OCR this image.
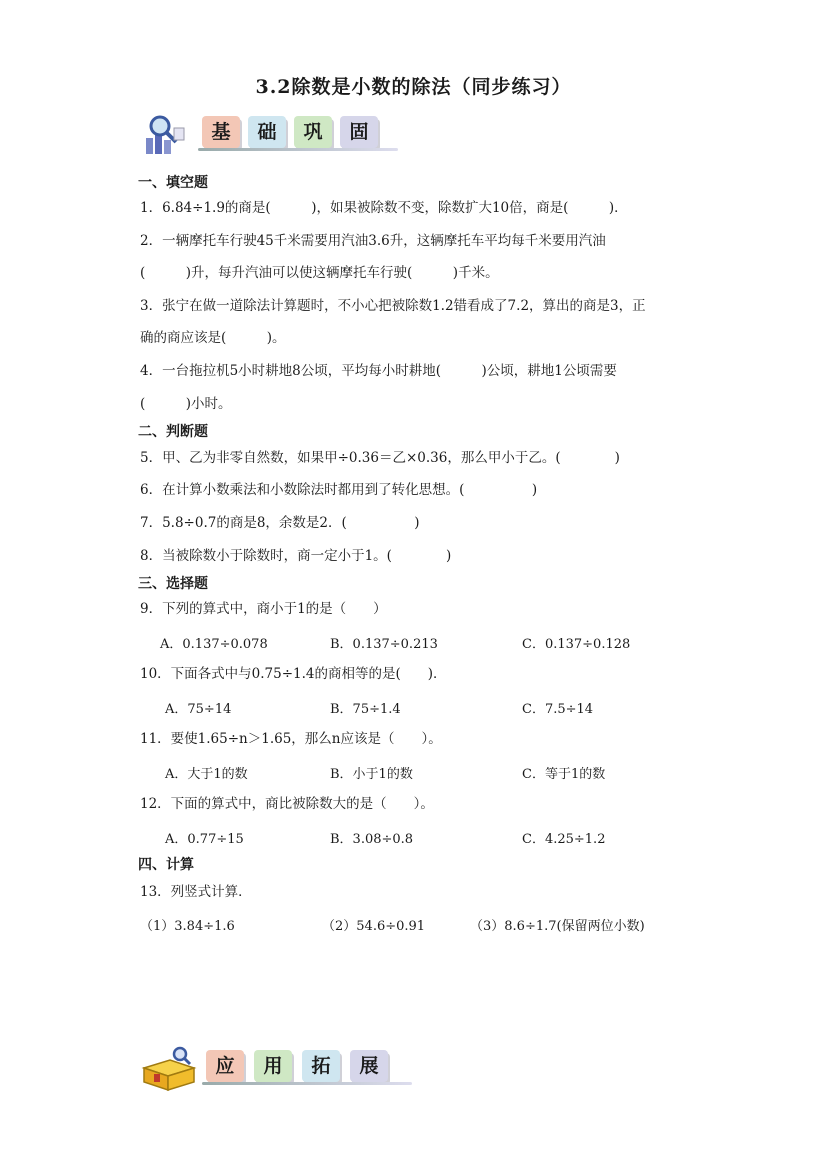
3.2除数是小数的除法（同步练习）
基	础	巩	固
一、填空题
1．6.84÷1.9的商是(　　　)，如果被除数不变，除数扩大10倍，商是(　　　)．
2．一辆摩托车行驶45千米需要用汽油3.6升，这辆摩托车平均每千米要用汽油
(　　　)升，每升汽油可以使这辆摩托车行驶(　　　)千米。
3．张宁在做一道除法计算题时，不小心把被除数1.2错看成了7.2，算出的商是3，正
确的商应该是(　　　)。
4．一台拖拉机5小时耕地8公顷，平均每小时耕地(　　　)公顷，耕地1公顷需要
(　　　)小时。
二、判断题
5．甲、乙为非零自然数，如果甲÷0.36＝乙×0.36，那么甲小于乙。(　　　　)
6．在计算小数乘法和小数除法时都用到了转化思想。(　　　　　)
7．5.8÷0.7的商是8，余数是2．(　　　　　)
8．当被除数小于除数时，商一定小于1。(　　　　)
三、选择题
9．下列的算式中，商小于1的是（　　）
A．0.137÷0.078	B．0.137÷0.213	C．0.137÷0.128
10．下面各式中与0.75÷1.4的商相等的是(　　)．
A．75÷14	B．75÷1.4	C．7.5÷14
11．要使1.65÷n＞1.65，那么n应该是（　　）。
A．大于1的数	B．小于1的数	C．等于1的数
12．下面的算式中，商比被除数大的是（　　）。
A．0.77÷15	B．3.08÷0.8	C．4.25÷1.2
四、计算
13．列竖式计算．
（1）3.84÷1.6	（2）54.6÷0.91	（3）8.6÷1.7(保留两位小数)
应	用	拓	展
